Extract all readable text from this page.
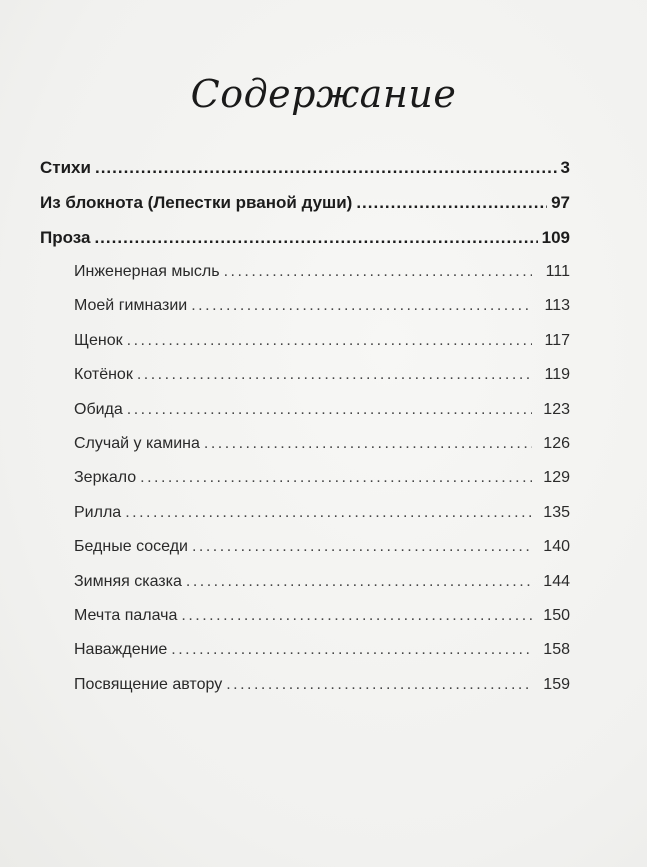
Содержание
Стихи .....	3
Из блокнота (Лепестки рваной души) .....	97
Проза .....	109
Инженерная мысль .....	111
Моей гимназии .....	113
Щенок .....	117
Котёнок .....	119
Обида .....	123
Случай у камина .....	126
Зеркало .....	129
Рилла .....	135
Бедные соседи .....	140
Зимняя сказка .....	144
Мечта палача .....	150
Наваждение .....	158
Посвящение автору .....	159
